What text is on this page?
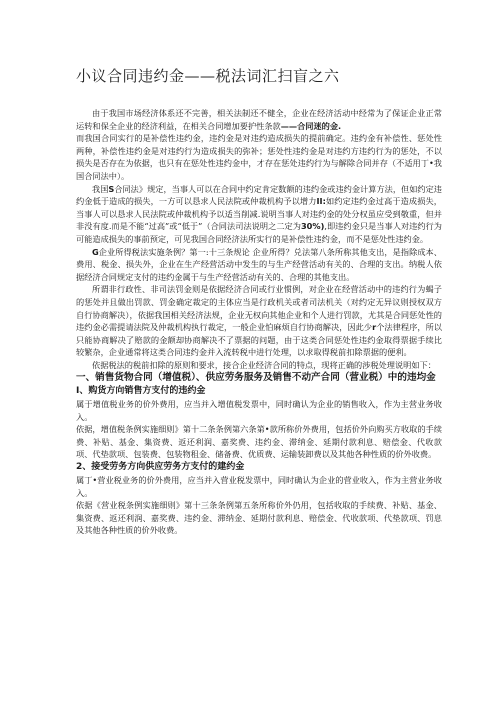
小议合同违约金——税法词汇扫盲之六

由于我国市场经济体系还不完善，相关法制还不健全，企业在经济活动中经常为了保证企业正常运转和保全企业的经济利益，在相关合同增加要护性条款——合同迷的金.

而我国合同实行的是补偿性违约金，违约金是对违约造成损失的提前确定。违约金有补偿性、惩处性两种，补偿性违约金是对违约行为造成损失的弥补；惩处性违约金是对违约方违约行为的惩处，不以损失是否存在为依据，也只有在惩处性违约金中，才存在惩处违约行为与解除合同并存（不适用丁•我国合同法中）。

我国S合同法》规定，当事人可以在合同中约定肯定数额的违约金或违约金计算方法，但如约定违约金低于造成的损失，一方可以恳求人民法院或仲裁机构予以增力II:如约定违约金过高于造成损失，当事人可以恳求人民法院或仲裁机构予以适当削减.说明当事人对违约金的处分权虽应受到敬重，但并非没有度.而是不能“过高”或“低于”（合同法司法说明之二定为30%),即违约金只是当事人对违约行为可能造成损失的事前预定，可见我国合同经济法所实行的是补偿性违约金，而不是惩处性违约金。

G企业所得税法实施条例？第一:十三条规论 企业所得？兑法第八条所称其他支出，是指除成本、费用、税金、损失外，企业在生产经营活动中发生的与生产经营活动有关的、合理的支出。纳税人依据经济合同规定支付的违约金属于与生产经营活动有关的、合理的其他支出。

所谓非行政性、非司法罚金则是依据经济合同或行业惯例，对企业在经营活动中的违约行为蝎子的惩处并且做出罚款、罚金确定裁定的主体应当是行政机关或者司法机关（对约定无异议则授权双方自行协商解决），依据我国相关经济法规，企业无权向其他企业和个人进行罚款，尤其是合同惩处性的违约金必需提请法院及仲裁机构执行裁定，一般企业怕麻烦自行协商解决，因此少r个法律程序，所以只能协商解决了赔款的金额却协商解决不了票据的问题，由于这类合同惩处性违约金取得票据手续比较繁杂，企业通常将这类合同违约金并入流转税中进行处理，以求取得税前扣除票据的便利。

依据税法的税前扣除的原则和要求，接合企业经济合同的特点，现将正确的涉税处理说明如下：

一、销售货物合同（增值税）、供应劳务服务及销售不动产合同（营业税）中的违均金

I、购货方向销售方支付的违约金

属于增值税业务的价外费用，应当并入增值税发票中，同时确认为企业的销售收入，作为主营业务收入。

依据，增值税条例实施细则》第十二条条例第六条第•款所称价外费用，包括价外向购买方收取的手续费、补贴、基金、集资费、返还利润、嘉奖费、违约金、滞纳金、延期付款利息、赔偿金、代收款项、代垫款项、包装费、包装物租金、储备费、优质费、运输装卸费以及其他各种性质的价外收费。

2、接受劳务方向供应劳务方支付的建约金

属丁•营业税业务的价外费用，应当并入营业税发票中，同时确认为企业的营业收入，作为主营业务收入。

依据《营业税条例实施细则》第十三条条例第五条所称价外仍用，包括收取的手续费、补贴、基金、集资费、返还利润、嘉奖费、违约金、滞纳金、延期付款利息、赔偿金、代收款项、代垫款项、罚息及其他各种性质的价外收费。
